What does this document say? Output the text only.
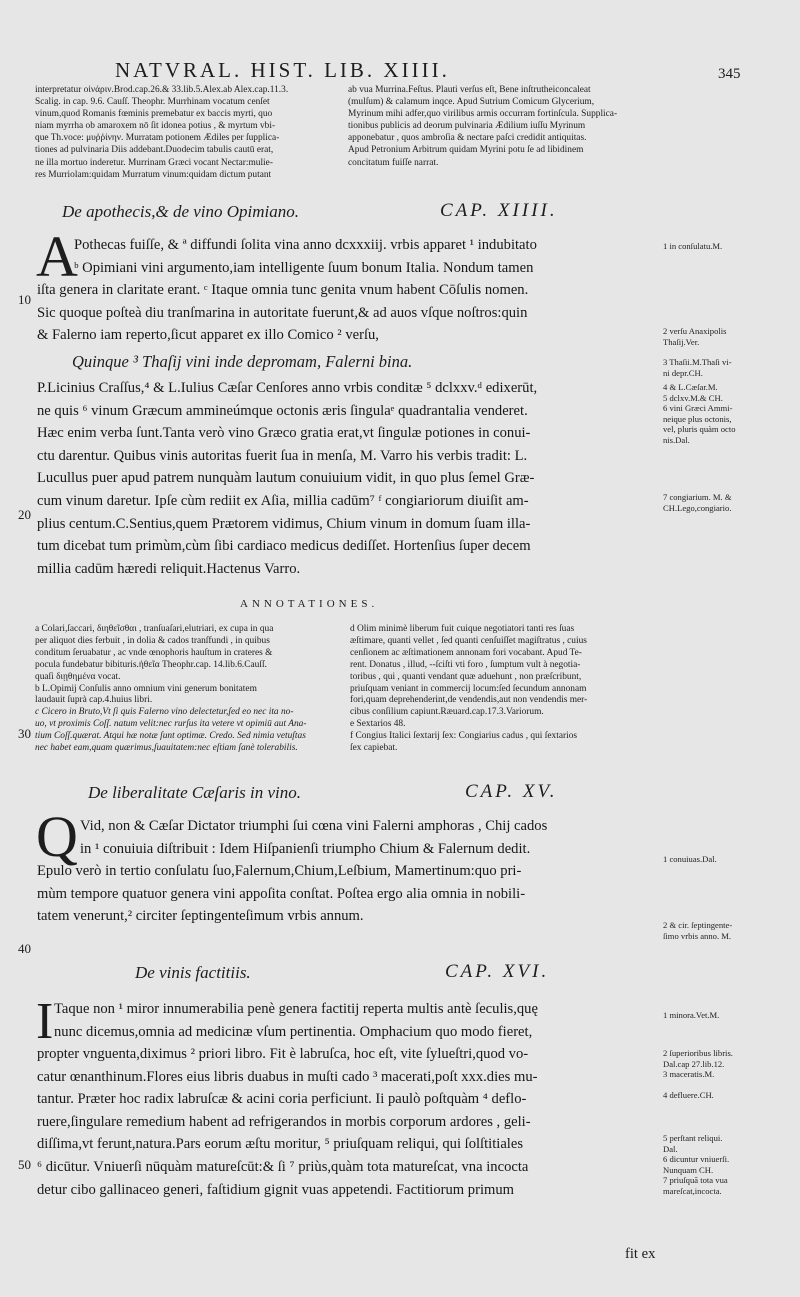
NATVRAL. HIST. LIB. XIIII.	345
interpretatur οἰνάριν.Brod.cap.26.& 33.lib.5.Alex.ab Alex.cap.11.3.
Scalig. in cap. 9.6. Cauſſ. Theophr. Murrhinam vocatum cenſet
vinum,quod Romanis fœminis premebatur ex baccis myrti, quo
niam myrrha ob amaroxem nō ſit idonea potius , & myrtum vbi-
que Th.voce: μυῤῥίνην. Murratam potionem Ædiles per ſupplica-
tiones ad pulvinaria Diis addebant.Duodecim tabulis cautū erat,
ne illa mortuo inderetur. Murrinam Græci vocant Nectar:mulie-
res Murriolam:quidam Murratum vinum:quidam dictum putant
ab vua Murrina.Feſtus. Plauti verſus eſt, Bene inſtrutheiconcaleat
(mulſum) & calamum inqce. Apud Sutrium Comicum Glycerium,
Myrinum mihi adfer,quo virilibus armis occurram fortinſcula. Supplica-
tionibus publicis ad deorum pulvinaria Ædilium iuſſu Myrinum
apponebatur , quos ambroſia & nectare paſci credidit antiquitas.
Apud Petronium Arbitrum quidam Myrini potu ſe ad libidinem
concitatum fuiſſe narrat.
De apothecis,& de vino Opimiano.	CAP. XIIII.
A
Pothecas fuiſſe, & ª diffundi ſolita vina anno dcxxxiij. vrbis apparet ¹ indubitato
ᵇ Opimiani vini argumento,iam intelligente ſuum bonum Italia. Nondum tamen
iſta genera in claritate erant. ᶜ Itaque omnia tunc genita vnum habent Cōſulis nomen.
Sic quoque poſteà diu tranſmarina in autoritate fuerunt,& ad auos vſque noſtros:quin
& Falerno iam reperto,ſicut apparet ex illo Comico ² verſu,
Quinque ³ Thaſij vini inde depromam, Falerni bina.
P.Licinius Craſſus,⁴ & L.Iulius Cæſar Cenſores anno vrbis conditæ ⁵ dclxxv.ᵈ edixerūt,
ne quis ⁶ vinum Græcum ammineúmque octonis æris ſingulaᵉ quadrantalia venderet.
Hæc enim verba ſunt.Tanta verò vino Græco gratia erat,vt ſingulæ potiones in conui-
ctu darentur. Quibus vinis autoritas fuerit ſua in menſa, M. Varro his verbis tradit: L.
Lucullus puer apud patrem nunquàm lautum conuiuium vidit, in quo plus ſemel Græ-
cum vinum daretur. Ipſe cùm rediit ex Aſia, millia cadūm⁷ ᶠ congiariorum diuiſit am-
plius centum.C.Sentius,quem Prætorem vidimus, Chium vinum in domum ſuam illa-
tum dicebat tum primùm,cùm ſibi cardiaco medicus dediſſet. Hortenſius ſuper decem
millia cadūm hæredi reliquit.Hactenus Varro.
1 in conſulatu.M.
2 verſu Anaxipolis
Thaſij.Ver.
3 Thaſii.M.Thaſi vi-
ni depr.CH.
4 & L.Cæſar.M.
5 dclxv.M.& CH.
6 vini Græci Ammi-
neique plus octonis,
vel, pluris quàm octo
nis.Dal.
7 congiarium. M. &
CH.Lego,congiario.
10
20
30
40
50
ANNOTATIONES.
a Colari,ſaccari, διηθεῖσθαι , tranſuaſari,elutriari, ex cupa in qua
per aliquot dies ferbuit , in dolia & cados tranſfundi , in quibus
conditum ſeruabatur , ac vnde œnophoris hauſtum in crateres &
pocula fundebatur bibituris.ἠθεῖα Theophr.cap. 14.lib.6.Cauſſ.
quaſi διῃθημένα vocat.
b L.Opimij Conſulis anno omnium vini generum bonitatem
laudauit ſuprà cap.4.huius libri.
c Cicero in Bruto,Vt ſi quis Falerno vino delectetur,ſed eo nec ita no-
uo, vt proximis Coſſ. natum velit:nec rurſus ita vetere vt opimiū aut Ana-
tium Coſſ.quærat. Atqui hæ notæ ſunt optimæ. Credo. Sed nimia vetuſtas
nec habet eam,quam quærimus,ſuauitatem:nec eſtiam ſanè tolerabilis.
d Olim minimè liberum fuit cuique negotiatori tanti res ſuas
æſtimare, quanti vellet , ſed quanti cenſuiſſet magiſtratus , cuius
cenſionem ac æſtimationem annonam fori vocabant. Apud Te-
rent. Donatus , illud, --ſciſti vti foro , ſumptum vult à negotia-
toribus , qui , quanti vendant quæ aduehunt , non præſcribunt,
priuſquam veniant in commercij locum:ſed ſecundum annonam
fori,quam deprehenderint,de vendendis,aut non vendendis mer-
cibus conſilium capiunt.Ræuard.cap.17.3.Variorum.
e Sextarios 48.
f Congius Italici ſextarij ſex: Congiarius cadus , qui ſextarios
ſex capiebat.
De liberalitate Cæſaris in vino.	CAP. XV.
Q Vid, non & Cæſar Dictator triumphi ſui cœna vini Falerni amphoras , Chij cados
in ¹ conuiuia diſtribuit : Idem Hiſpanienſi triumpho Chium & Falernum dedit.
Epulo verò in tertio conſulatu ſuo,Falernum,Chium,Leſbium, Mamertinum:quo pri-
mùm tempore quatuor genera vini appoſita conſtat. Poſtea ergo alia omnia in nobili-
tatem venerunt,² circiter ſeptingenteſimum vrbis annum.
1 conuiuas.Dal.
2 & cir. ſeptingente-
ſimo vrbis anno. M.
De vinis factitiis.	CAP. XVI.
I Taque non ¹ miror innumerabilia penè genera factitij reperta multis antè ſeculis,quę
nunc dicemus,omnia ad medicinæ vſum pertinentia. Omphacium quo modo fieret,
propter vnguenta,diximus ² priori libro. Fit è labruſca, hoc eſt, vite ſylueſtri,quod vo-
catur œnanthinum.Flores eius libris duabus in muſti cado ³ macerati,poſt xxx.dies mu-
tantur. Præter hoc radix labruſcæ & acini coria perficiunt. Ii paulò poſtquàm ⁴ deflo-
ruere,ſingulare remedium habent ad refrigerandos in morbis corporum ardores , geli-
diſſima,vt ferunt,natura.Pars eorum æſtu moritur, ⁵ priuſquam reliqui, qui ſolſtitiales
⁶ dicūtur. Vniuerſi nūquàm matureſcūt:& ſi ⁷ priùs,quàm tota matureſcat, vna incocta
detur cibo gallinaceo generi, faſtidium gignit vuas appetendi. Factitiorum primum
fit ex
1 minora.Vet.M.
2 ſuperioribus libris.
Dal.cap 27.lib.12.
3 maceratis.M.
4 defluere.CH.
5 perſtant reliqui.
Dal.
6 dicuntur vniuerſi.
Nunquam CH.
7 priuſquā tota vua
mareſcat,incocta.
